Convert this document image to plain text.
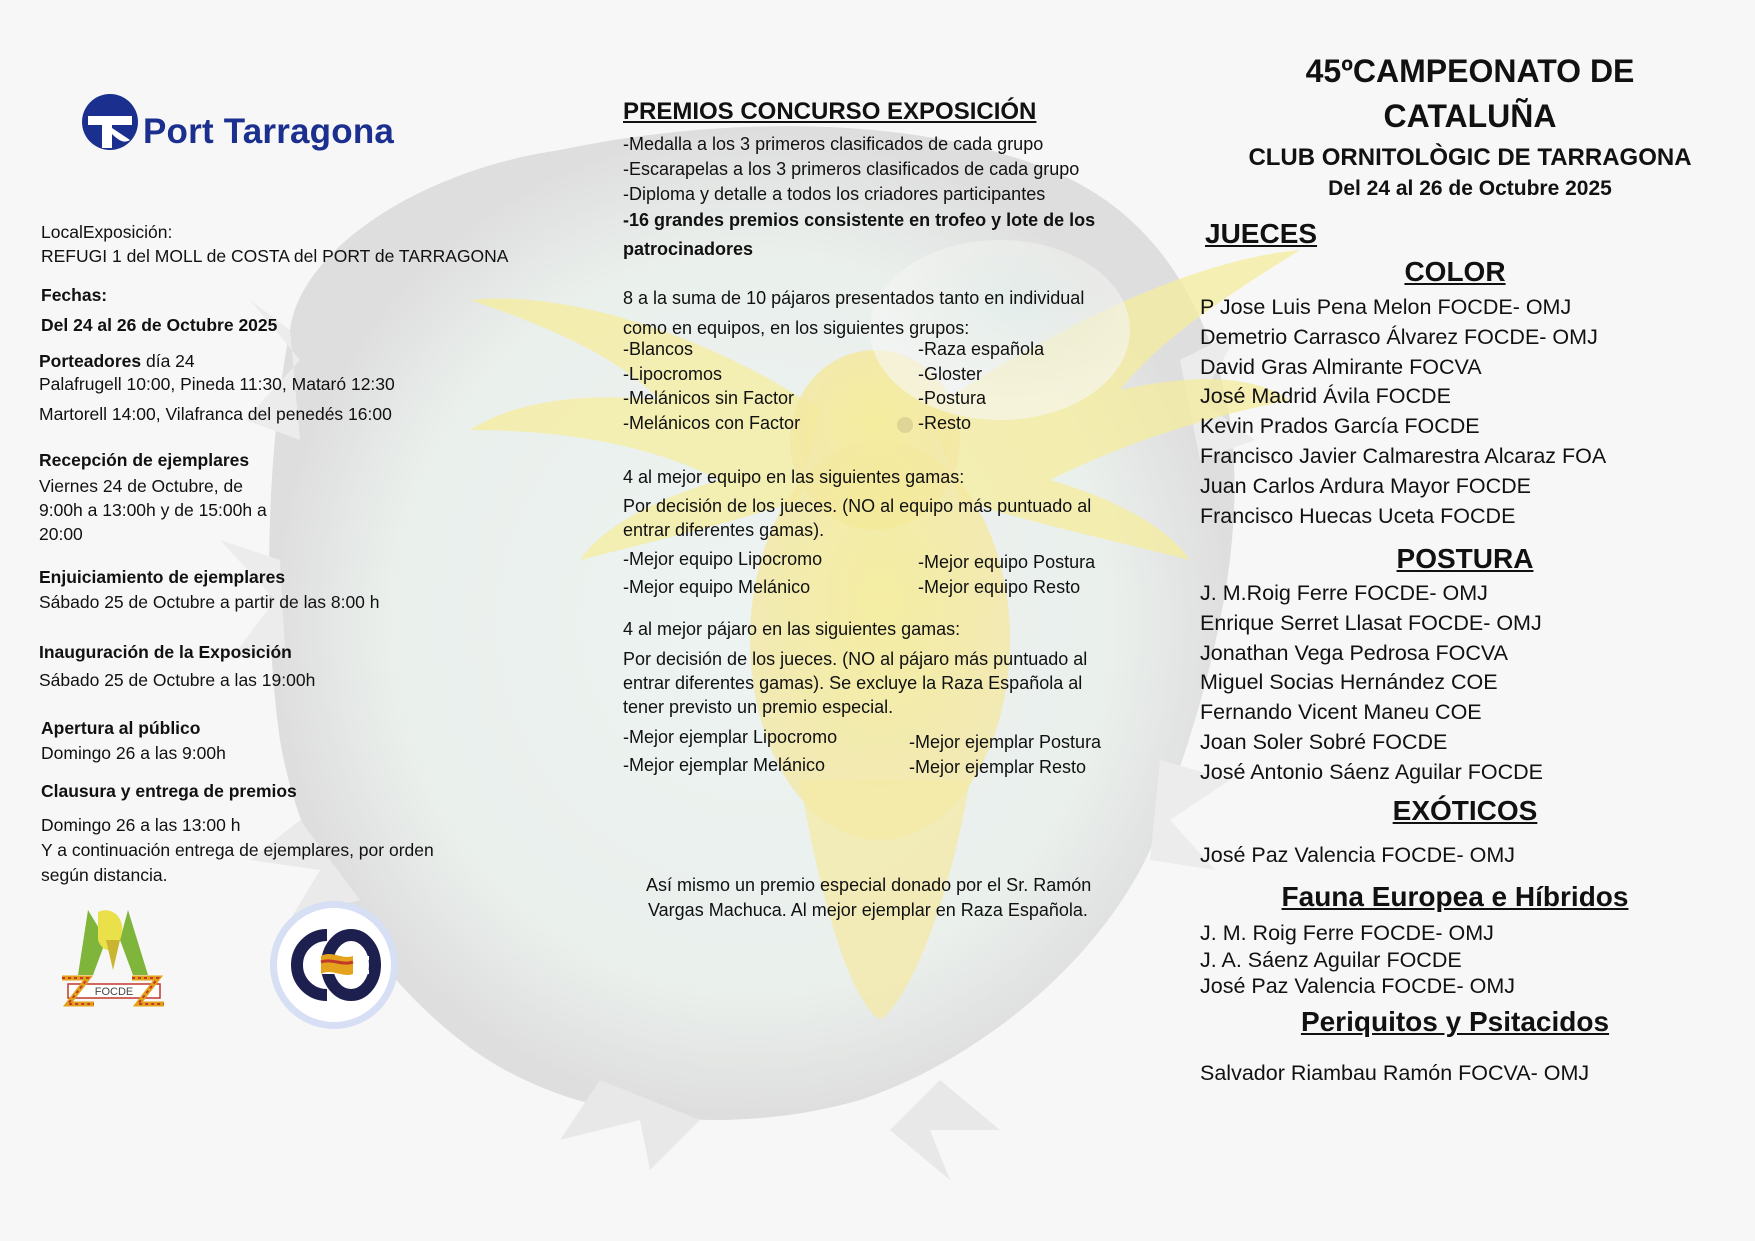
Port Tarragona

LocalExposición:

REFUGI 1 del MOLL de COSTA del PORT de TARRAGONA

Fechas:

Del 24 al 26 de Octubre 2025

Porteadores día 24

Palafrugell 10:00, Pineda 11:30, Mataró 12:30

Martorell 14:00, Vilafranca del penedés 16:00

Recepción de ejemplares

Viernes 24 de Octubre, de

9:00h a 13:00h y de 15:00h a

20:00

Enjuiciamiento de ejemplares

Sábado 25 de Octubre a partir de las 8:00 h

Inauguración de la Exposición

Sábado 25 de Octubre a las 19:00h

Apertura al público

Domingo 26 a las 9:00h

Clausura y entrega de premios

Domingo 26 a las 13:00 h

Y a continuación entrega de ejemplares, por orden

según distancia.

FOCDE
PREMIOS CONCURSO EXPOSICIÓN

-Medalla a los 3 primeros clasificados de cada grupo

-Escarapelas a los 3 primeros clasificados de cada grupo

-Diploma y detalle a todos los criadores participantes

-16 grandes premios consistente en trofeo y lote de los

patrocinadores

8 a la suma de 10 pájaros presentados tanto en individual

como en equipos, en los siguientes grupos:

-Blancos

-Lipocromos

-Melánicos sin Factor

-Melánicos con Factor

-Raza española

-Gloster

-Postura

-Resto

4 al mejor equipo en las siguientes gamas:

Por decisión de los jueces. (NO al equipo más puntuado al

entrar diferentes gamas).

-Mejor equipo Lipocromo

-Mejor equipo Melánico

-Mejor equipo Postura

-Mejor equipo Resto

4 al mejor pájaro en las siguientes gamas:

Por decisión de los jueces. (NO al pájaro más puntuado al

entrar diferentes gamas). Se excluye la Raza Española al

tener previsto un premio especial.

-Mejor ejemplar Lipocromo

-Mejor ejemplar Melánico

-Mejor ejemplar Postura

-Mejor ejemplar Resto

Así mismo un premio especial donado por el Sr. Ramón

Vargas Machuca. Al mejor ejemplar en Raza Española.

45ºCAMPEONATO DE

CATALUÑA

CLUB ORNITOLÒGIC DE TARRAGONA

Del 24 al 26 de Octubre 2025

JUECES

COLOR

P Jose Luis Pena Melon FOCDE- OMJ

Demetrio Carrasco Álvarez FOCDE- OMJ

David Gras Almirante FOCVA

José Madrid Ávila FOCDE

Kevin Prados García FOCDE

Francisco Javier Calmarestra Alcaraz FOA

Juan Carlos Ardura Mayor FOCDE

Francisco Huecas Uceta FOCDE

POSTURA

J. M.Roig Ferre FOCDE- OMJ

Enrique Serret Llasat FOCDE- OMJ

Jonathan Vega Pedrosa FOCVA

Miguel Socias Hernández COE

Fernando Vicent Maneu COE

Joan Soler Sobré FOCDE

José Antonio Sáenz Aguilar FOCDE

EXÓTICOS

José Paz Valencia FOCDE- OMJ

Fauna Europea e Híbridos

J. M. Roig Ferre FOCDE- OMJ

J. A. Sáenz Aguilar FOCDE

José Paz Valencia FOCDE- OMJ

Periquitos y Psitacidos

Salvador Riambau Ramón FOCVA- OMJ
